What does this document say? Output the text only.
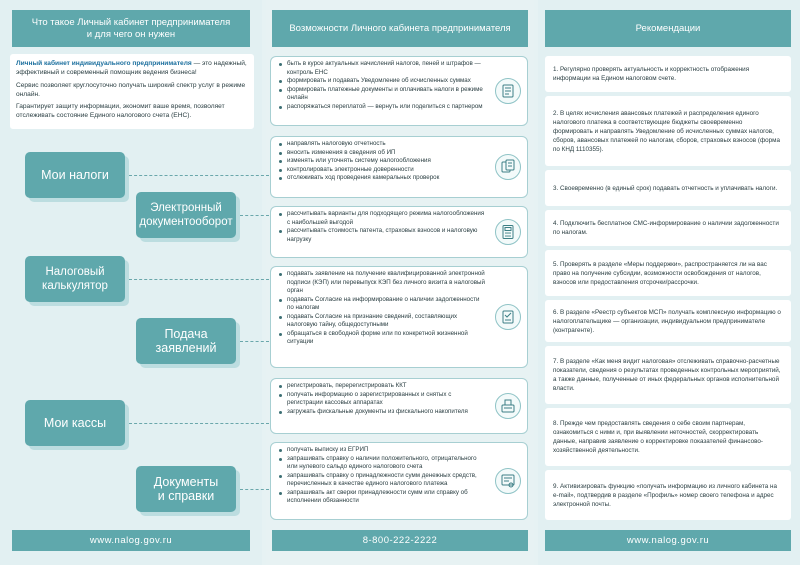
Что такое Личный кабинет предпринимателя
и для чего он нужен
Возможности Личного кабинета предпринимателя	Рекомендации

Личный кабинет индивидуального предпринимателя — это надежный, эффективный и современный помощник ведения бизнеса!

Сервис позволяет круглосуточно получать широкий спектр услуг в режиме онлайн.

Гарантирует защиту информации, экономит ваше время, позволяет отслеживать состояние Единого налогового счета (ЕНС).

Мои налоги
Электронный
документооборот
Налоговый
калькулятор
Подача
заявлений
Мои кассы
Документы
и справки
быть в курсе актуальных начислений налогов, пеней и штрафов — контроль ЕНС
формировать и подавать Уведомление об исчисленных суммах
формировать платежные документы и оплачивать налоги в режиме онлайн
распоряжаться переплатой — вернуть или поделиться с партнером
направлять налоговую отчетность
вносить изменения в сведения об ИП
изменять или уточнять систему налогообложения
контролировать электронные доверенности
отслеживать ход проведения камеральных проверок
рассчитывать варианты для подходящего режима налогообложения с наибольшей выгодой
рассчитывать стоимость патента, страховых взносов и налоговую нагрузку
подавать заявление на получение квалифицированной электронной подписи (КЭП) или перевыпуск КЭП без личного визита в налоговый орган
подавать Согласие на информирование о наличии задолженности по налогам
подавать Согласие на признание сведений, составляющих налоговую тайну, общедоступными
обращаться в свободной форме или по конкретной жизненной ситуации
регистрировать, перерегистрировать ККТ
получать информацию о зарегистрированных и снятых с регистрации кассовых аппаратах
загружать фискальные документы из фискального накопителя
получать выписку из ЕГРИП
запрашивать справку о наличии положительного, отрицательного или нулевого сальдо единого налогового счета
запрашивать справку о принадлежности сумм денежных средств, перечисленных в качестве единого налогового платежа
запрашивать акт сверки принадлежности сумм или справку об исполнении обязанности
1. Регулярно проверять актуальность и корректность отображения информации на Едином налоговом счете.
2. В целях исчисления авансовых платежей и распределения единого налогового платежа в соответствующие бюджеты своевременно формировать и направлять Уведомление об исчисленных суммах налогов, сборов, авансовых платежей по налогам, сборов, страховых взносов (форма по КНД 1110355).
3. Своевременно (в единый срок) подавать отчетность и уплачивать налоги.
4. Подключить бесплатное СМС-информирование о наличии задолженности по налогам.
5. Проверять в разделе «Меры поддержки», распространяется ли на вас право на получение субсидии, возможности освобождения от налогов, взносов или предоставления отсрочки/рассрочки.
6. В разделе «Реестр субъектов МСП» получать комплексную информацию о налогоплательщике — организации, индивидуальном предпринимателе (контрагенте).
7. В разделе «Как меня видит налоговая» отслеживать справочно-расчетные показатели, сведения о результатах проведенных контрольных мероприятий, а также данные, полученные от иных федеральных органов исполнительной власти.
8. Прежде чем предоставлять сведения о себе своим партнерам, ознакомиться с ними и, при выявлении неточностей, скорректировать данные, направив заявление о корректировке показателей финансово-хозяйственной деятельности.
9. Активизировать функцию «получать информацию из личного кабинета на e-mail», подтвердив в разделе «Профиль» номер своего телефона и адрес электронной почты.
www.nalog.gov.ru	8-800-222-2222	www.nalog.gov.ru
